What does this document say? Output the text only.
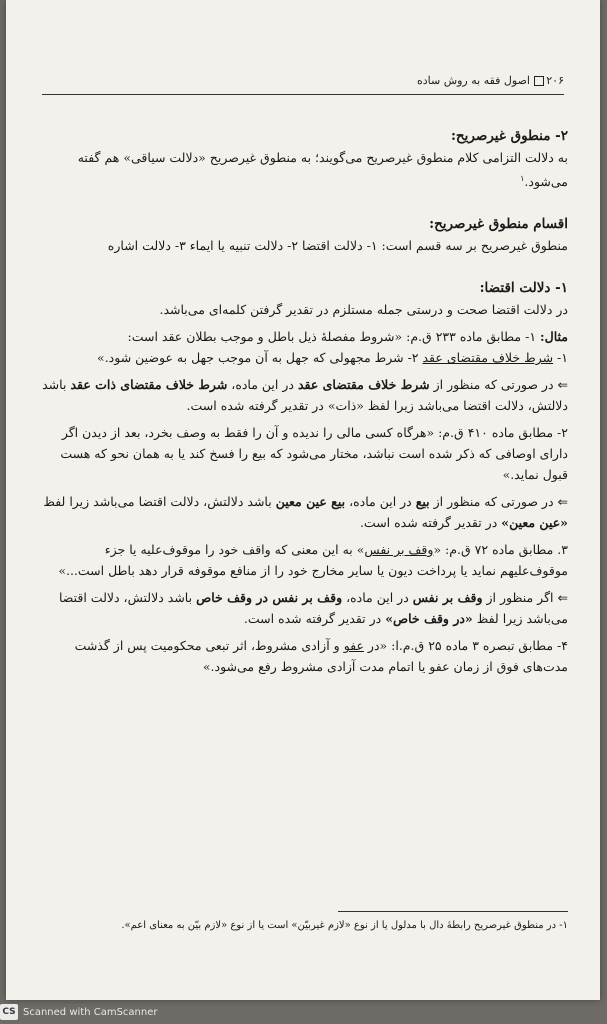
۲۰۶
اصول فقه به روش ساده

۲- منطوق غیرصریح:

به دلالت التزامی کلام منطوق غیرصریح می‌گویند؛ به منطوق غیرصریح «دلالت سیاقی» هم گفته می‌شود.$^۱$

اقسام منطوق غیرصریح:

منطوق غیرصریح بر سه قسم است: ۱- دلالت اقتضا ۲- دلالت تنبیه یا ایماء ۳- دلالت اشاره

۱- دلالت اقتضا:

در دلالت اقتضا صحت و درستی جمله مستلزم در تقدیر گرفتن کلمه‌ای می‌باشد.

مثال: ۱- مطابق ماده ۲۳۳ ق.م: «شروط مفصلهٔ ذیل باطل و موجب بطلان عقد است:

۱- شرط خلاف مقتضای عقد ۲- شرط مجهولی که جهل به آن موجب جهل به عوضین شود.»

⇐در صورتی که منظور از شرط خلاف مقتضای عقد در این ماده، شرط خلاف مقتضای ذات عقد باشد دلالتش، دلالت اقتضا می‌باشد زیرا لفظ «ذات» در تقدیر گرفته شده است.

۲- مطابق ماده ۴۱۰ ق.م: «هرگاه کسی مالی را ندیده و آن را فقط به وصف بخرد، بعد از دیدن اگر دارای اوصافی که ذکر شده است نباشد، مختار می‌شود که بیع را فسخ کند یا به همان نحو که هست قبول نماید.»

⇐در صورتی که منظور از بیع در این ماده، بیع عین معین باشد دلالتش، دلالت اقتضا می‌باشد زیرا لفظ «عین معین» در تقدیر گرفته شده است.

۳. مطابق ماده ۷۲ ق.م: «وقف بر نفس» به این معنی که واقف خود را موقوف‌علیه یا جزء موقوف‌علیهم نماید یا پرداخت دیون یا سایر مخارج خود را از منافع موقوفه قرار دهد باطل است...»

⇐اگر منظور از وقف بر نفس در این ماده، وقف بر نفس در وقف خاص باشد دلالتش، دلالت اقتضا می‌باشد زیرا لفظ «در وقف خاص» در تقدیر گرفته شده است.

۴- مطابق تبصره ۳ ماده ۲۵ ق.م.ا: «در عفو و آزادی مشروط، اثر تبعی محکومیت پس از گذشت مدت‌های فوق از زمان عفو یا اتمام مدت آزادی مشروط رفع می‌شود.»

۱- در منطوق غیرصریح رابطهٔ دال با مدلول یا از نوع «لازم غیربیّن» است یا از نوع «لازم بیّن به معنای اعم».

CS Scanned with CamScanner
